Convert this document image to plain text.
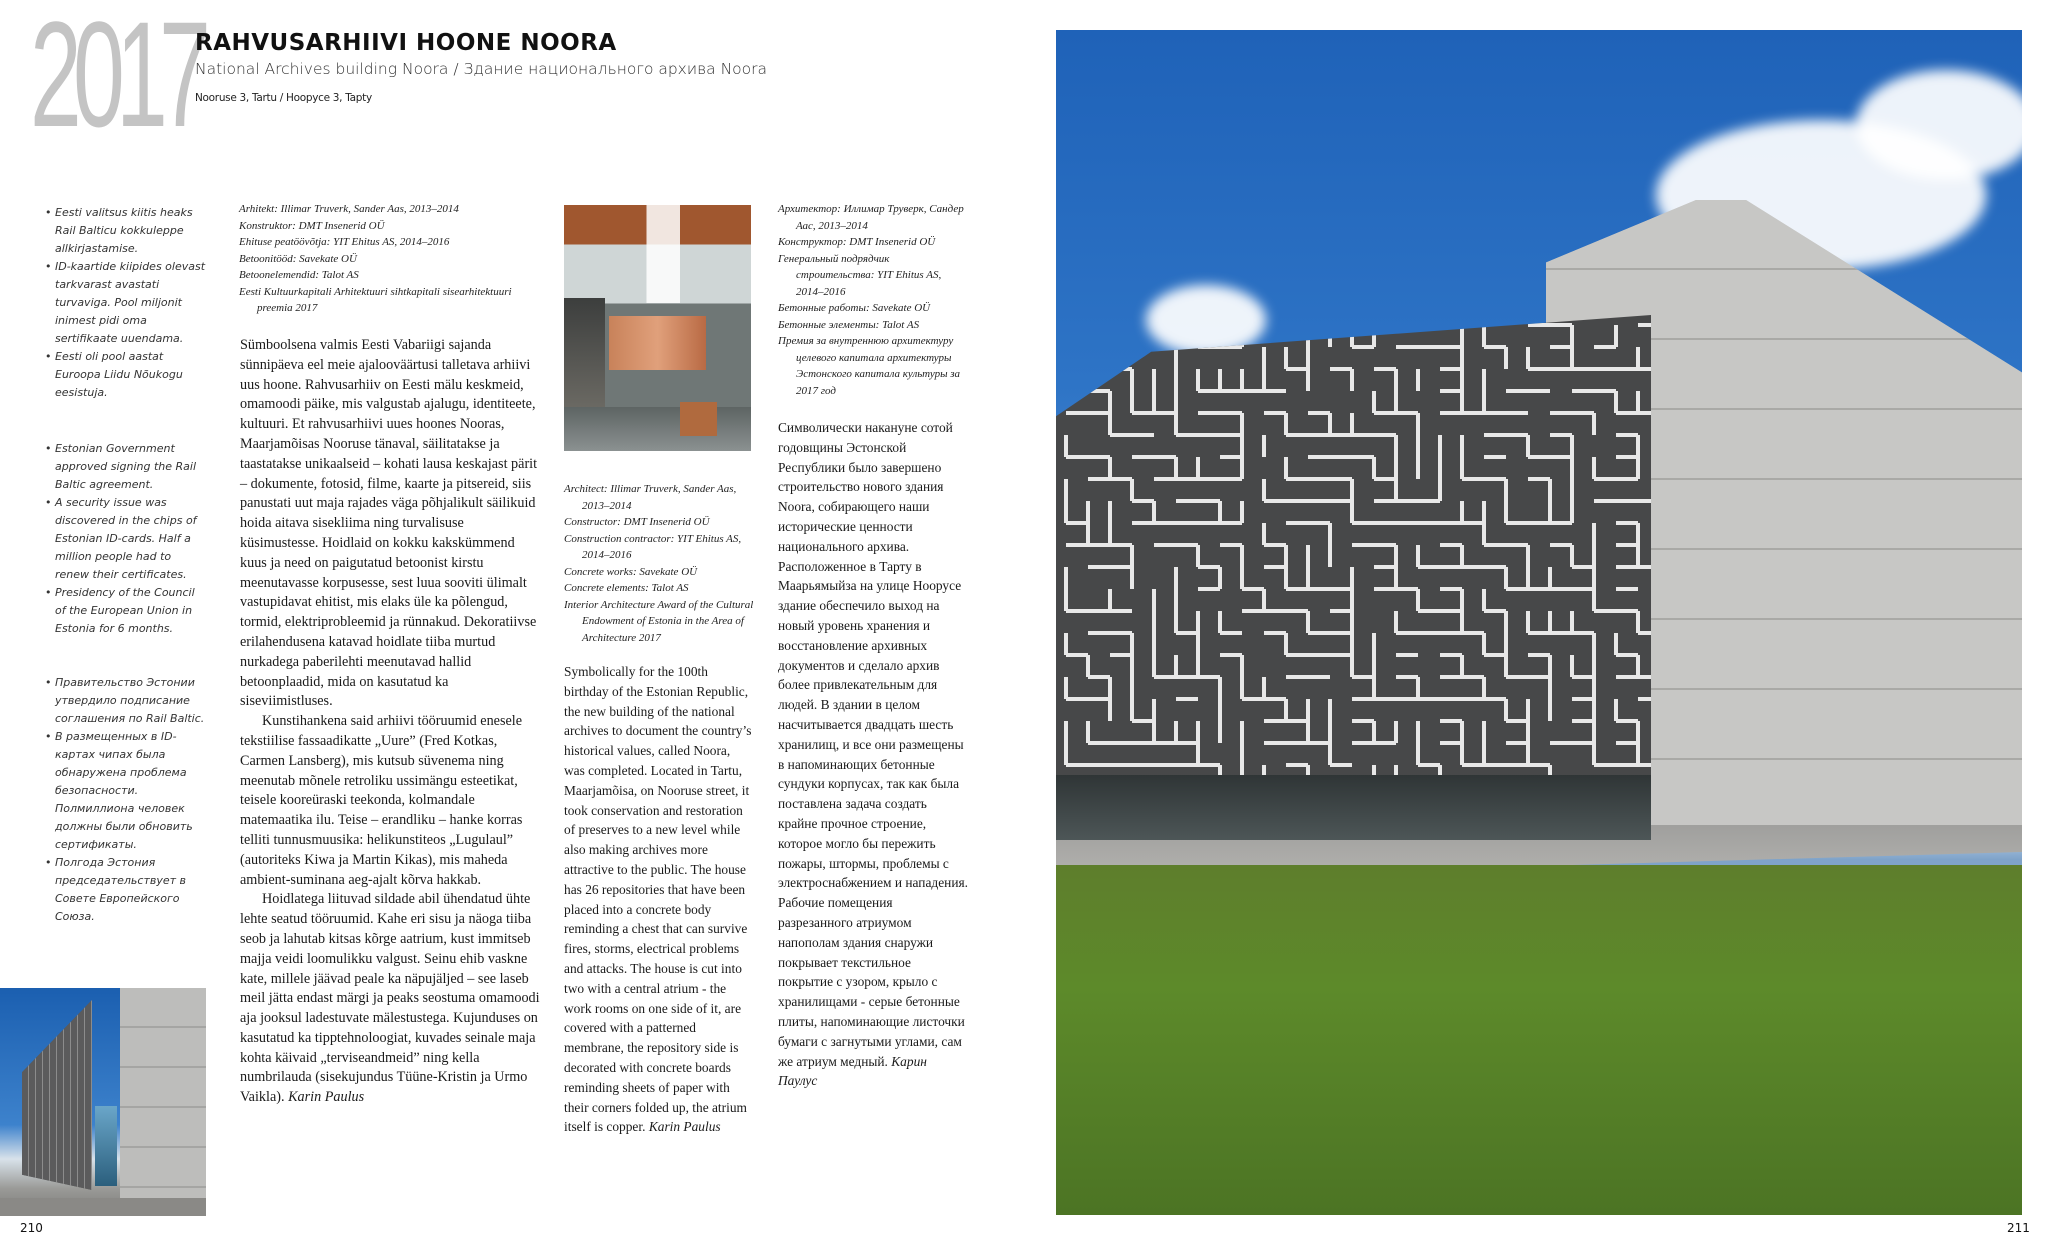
2017
RAHVUSARHIIVI HOONE NOORA
National Archives building Noora / Здание национального архива Noora
Nooruse 3, Tartu / Hoopyce 3, Tapty
• Eesti valitsus kiitis heaks Rail Balticu kokkuleppe allkirjastamise.
• ID-kaartide kiipides olevast tarkvarast avastati turvaviga. Pool miljonit inimest pidi oma sertifikaate uuendama.
• Eesti oli pool aastat Euroopa Liidu Nõukogu eesistuja.
• Estonian Government approved signing the Rail Baltic agreement.
• A security issue was discovered in the chips of Estonian ID-cards. Half a million people had to renew their certificates.
• Presidency of the Council of the European Union in Estonia for 6 months.
• Правительство Эстонии утвердило подписание соглашения по Rail Baltic.
• В размещенных в ID-картах чипах была обнаружена проблема безопасности. Полмиллиона человек должны были обновить сертификаты.
• Полгода Эстония председательствует в Совете Европейского Союза.
Arhitekt: Illimar Truverk, Sander Aas, 2013–2014
Konstruktor: DMT Insenerid OÜ
Ehituse peatöövõtja: YIT Ehitus AS, 2014–2016
Betoonitööd: Savekate OÜ
Betoonelemendid: Talot AS
Eesti Kultuurkapitali Arhitektuuri sihtkapitali sisearhitektuuri preemia 2017

Sümboolsena valmis Eesti Vabariigi sajanda sünnipäeva eel meie ajalooväärtusi talletava arhiivi uus hoone. Rahvusarhiiv on Eesti mälu keskmeid, omamoodi päike, mis valgustab ajalugu, identiteete, kultuuri. Et rahvusarhiivi uues hoones Nooras, Maarjamõisas Nooruse tänaval, säilitatakse ja taastatakse unikaalseid – kohati lausa keskajast pärit – dokumente, fotosid, filme, kaarte ja pitsereid, siis panustati uut maja rajades väga põhjalikult säilikuid hoida aitava sisekliima ning turvalisuse küsimustesse. Hoidlaid on kokku kakskümmend kuus ja need on paigutatud betoonist kirstu meenutavasse korpusesse, sest luua sooviti ülimalt vastupidavat ehitist, mis elaks üle ka põlengud, tormid, elektriprobleemid ja rünnakud. Dekoratiivse erilahendusena katavad hoidlate tiiba murtud nurkadega paberilehti meenutavad hallid betoonplaadid, mida on kasutatud ka siseviimistluses.

Kunstihankena said arhiivi tööruumid enesele tekstiilise fassaadikatte „Uure” (Fred Kotkas, Carmen Lansberg), mis kutsub süvenema ning meenutab mõnele retroliku ussimängu esteetikat, teisele kooreüraski teekonda, kolmandale matemaatika ilu. Teise – erandliku – hanke korras telliti tunnusmuusika: helikunstiteos „Lugulaul” (autoriteks Kiwa ja Martin Kikas), mis maheda ambient-suminana aeg-ajalt kõrva hakkab.

Hoidlatega liituvad sildade abil ühendatud ühte lehte seatud tööruumid. Kahe eri sisu ja näoga tiiba seob ja lahutab kitsas kõrge aatrium, kust immitseb majja veidi loomulikku valgust. Seinu ehib vaskne kate, millele jäävad peale ka näpujäljed – see laseb meil jätta endast märgi ja peaks seostuma omamoodi aja jooksul ladestuvate mälestustega. Kujunduses on kasutatud ka tipptehnoloogiat, kuvades seinale maja kohta käivaid „terviseandmeid” ning kella numbrilauda (sisekujundus Tüüne-Kristin ja Urmo Vaikla). Karin Paulus

Architect: Illimar Truverk, Sander Aas, 2013–2014
Constructor: DMT Insenerid OÜ
Construction contractor: YIT Ehitus AS, 2014–2016
Concrete works: Savekate OÜ
Concrete elements: Talot AS
Interior Architecture Award of the Cultural Endowment of Estonia in the Area of Architecture 2017

Symbolically for the 100th birthday of the Estonian Republic, the new building of the national archives to document the country’s historical values, called Noora, was completed. Located in Tartu, Maarjamõisa, on Nooruse street, it took conservation and restoration of preserves to a new level while also making archives more attractive to the public. The house has 26 repositories that have been placed into a concrete body reminding a chest that can survive fires, storms, electrical problems and attacks. The house is cut into two with a central atrium - the work rooms on one side of it, are covered with a patterned membrane, the repository side is decorated with concrete boards reminding sheets of paper with their corners folded up, the atrium itself is copper. Karin Paulus

Архитектор: Иллимар Труверк, Сандер Аас, 2013–2014
Конструктор: DMT Insenerid OÜ
Генеральный подрядчик строительства: YIT Ehitus AS, 2014–2016
Бетонные работы: Savekate OÜ
Бетонные элементы: Talot AS
Премия за внутреннюю архитектуру целевого капитала архитектуры Эстонского капитала культуры за 2017 год

Символически накануне сотой годовщины Эстонской Республики было завершено строительство нового здания Noora, собирающего наши исторические ценности национального архива. Расположенное в Тарту в Маарьямыйза на улице Ноорусе здание обеспечило выход на новый уровень хранения и восстановление архивных документов и сделало архив более привлекательным для людей. В здании в целом насчитывается двадцать шесть хранилищ, и все они размещены в напоминающих бетонные сундуки корпусах, так как была поставлена задача создать крайне прочное строение, которое могло бы пережить пожары, штормы, проблемы с электроснабжением и нападения. Рабочие помещения разрезанного атриумом напополам здания снаружи покрывает текстильное покрытие с узором, крыло с хранилищами - серые бетонные плиты, напоминающие листочки бумаги с загнутыми углами, сам же атриум медный. Карин Паулус

210	211
